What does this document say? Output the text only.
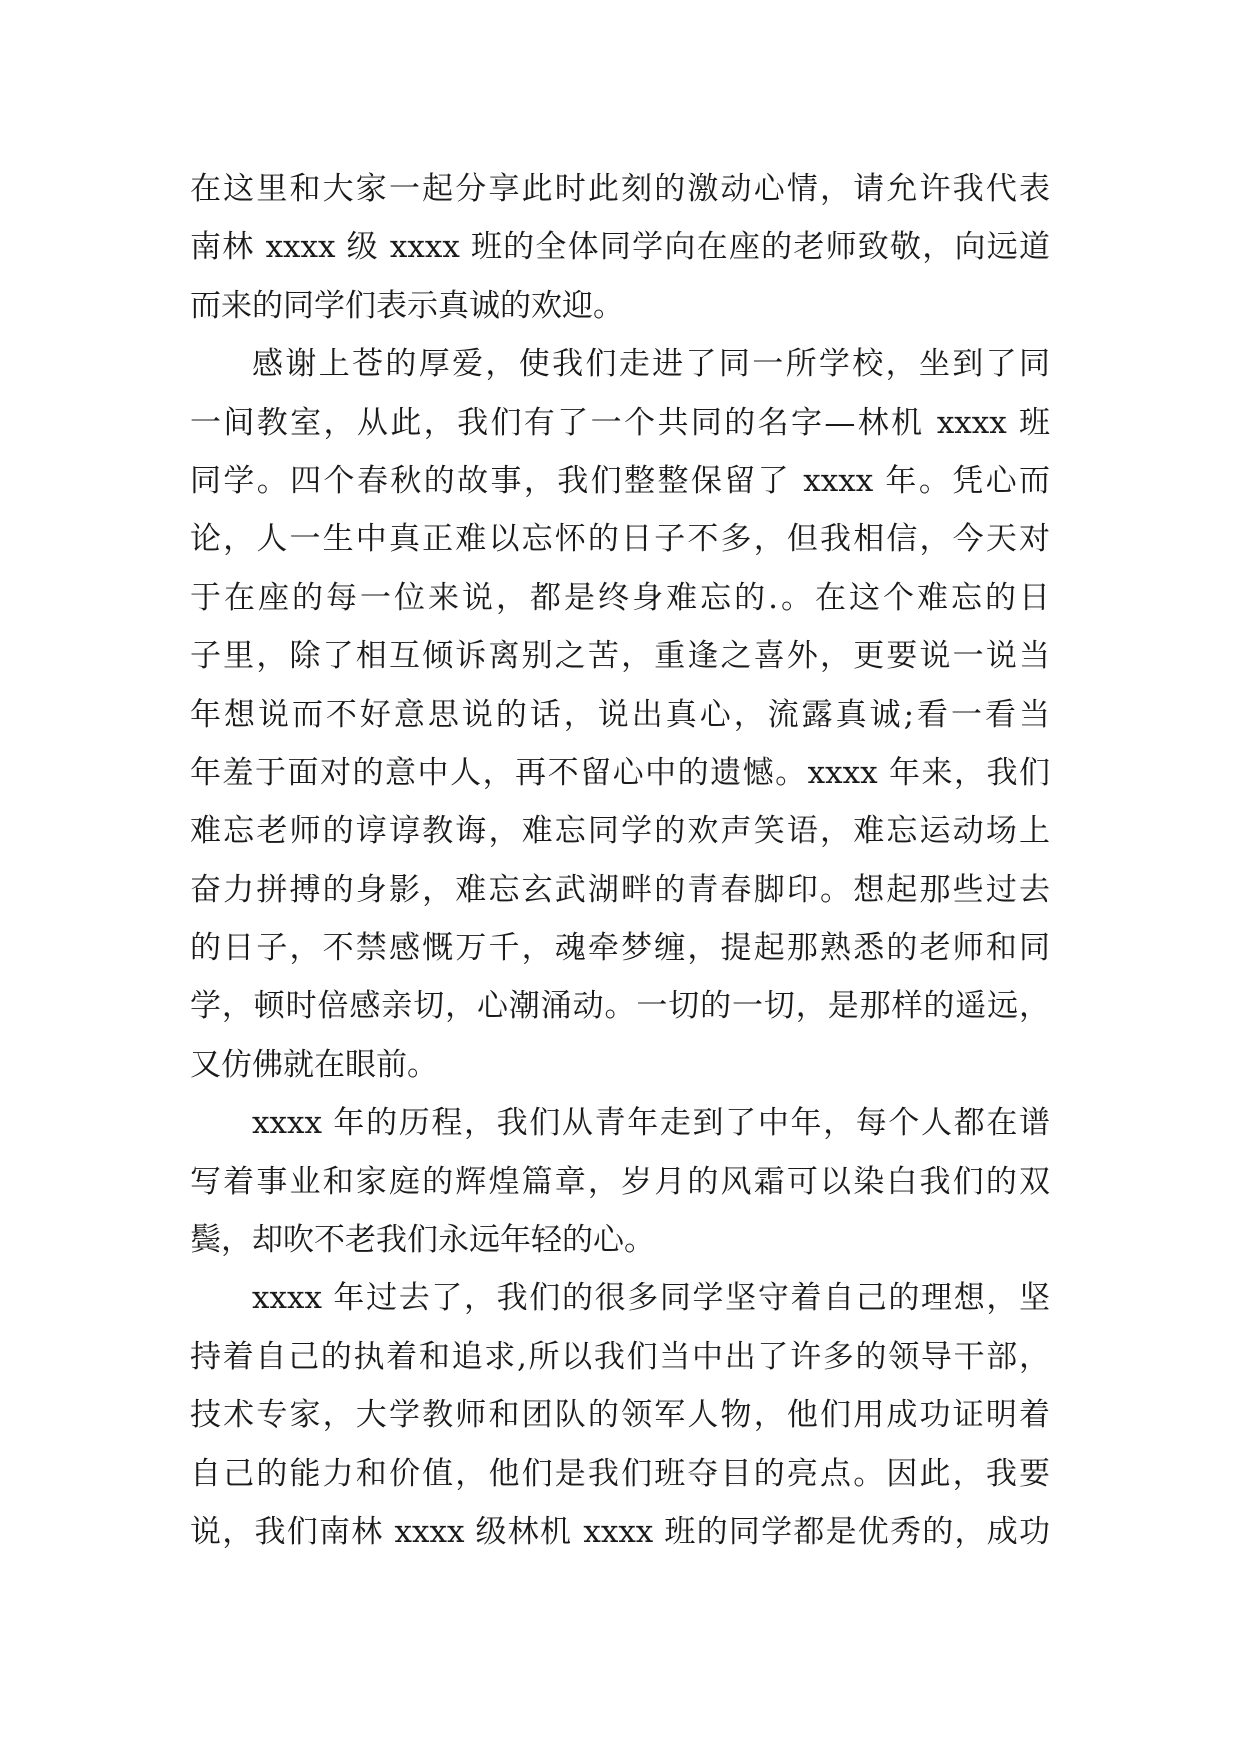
在这里和大家一起分享此时此刻的激动心情，请允许我代表
南林 xxxx 级 xxxx 班的全体同学向在座的老师致敬，向远道
而来的同学们表示真诚的欢迎。
感谢上苍的厚爱，使我们走进了同一所学校，坐到了同
一间教室，从此，我们有了一个共同的名字—林机 xxxx 班
同学。四个春秋的故事，我们整整保留了 xxxx 年。凭心而
论，人一生中真正难以忘怀的日子不多，但我相信，今天对
于在座的每一位来说，都是终身难忘的.。在这个难忘的日
子里，除了相互倾诉离别之苦，重逢之喜外，更要说一说当
年想说而不好意思说的话，说出真心，流露真诚;看一看当
年羞于面对的意中人，再不留心中的遗憾。xxxx 年来，我们
难忘老师的谆谆教诲，难忘同学的欢声笑语，难忘运动场上
奋力拼搏的身影，难忘玄武湖畔的青春脚印。想起那些过去
的日子，不禁感慨万千，魂牵梦缠，提起那熟悉的老师和同
学，顿时倍感亲切，心潮涌动。一切的一切，是那样的遥远，
又仿佛就在眼前。
xxxx 年的历程，我们从青年走到了中年，每个人都在谱
写着事业和家庭的辉煌篇章，岁月的风霜可以染白我们的双
鬓，却吹不老我们永远年轻的心。
xxxx 年过去了，我们的很多同学坚守着自己的理想，坚
持着自己的执着和追求,所以我们当中出了许多的领导干部，
技术专家，大学教师和团队的领军人物，他们用成功证明着
自己的能力和价值，他们是我们班夺目的亮点。因此，我要
说，我们南林 xxxx 级林机 xxxx 班的同学都是优秀的，成功
